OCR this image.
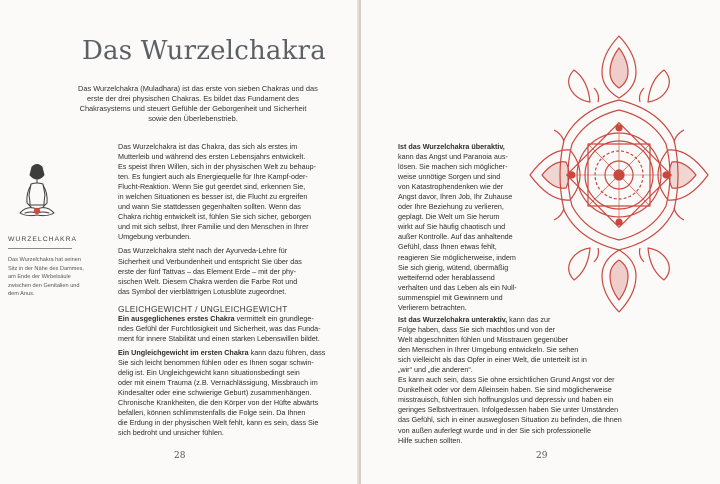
Das Wurzelchakra
Das Wurzelchakra (Muladhara) ist das erste von sieben Chakras und das
erste der drei physischen Chakras. Es bildet das Fundament des
Chakrasystems und steuert Gefühle der Geborgenheit und Sicherheit
sowie den Überlebenstrieb.
WURZELCHAKRA
Das Wurzelchakra hat seinen
Sitz in der Nähe des Dammes,
am Ende der Wirbelsäule
zwischen den Genitalien und
dem Anus.

Das Wurzelchakra ist das Chakra, das sich als erstes im
Mutterleib und während des ersten Lebensjahrs entwickelt.
Es speist Ihren Willen, sich in der physischen Welt zu behaup-
ten. Es fungiert auch als Energiequelle für Ihre Kampf-oder-
Flucht-Reaktion. Wenn Sie gut geerdet sind, erkennen Sie,
in welchen Situationen es besser ist, die Flucht zu ergreifen
und wann Sie stattdessen gegenhalten sollten. Wenn das
Chakra richtig entwickelt ist, fühlen Sie sich sicher, geborgen
und mit sich selbst, Ihrer Familie und den Menschen in Ihrer
Umgebung verbunden.

Das Wurzelchakra steht nach der Ayurveda-Lehre für
Sicherheit und Verbundenheit und entspricht Sie über das
erste der fünf Tattvas – das Element Erde – mit der phy-
sischen Welt. Diesem Chakra werden die Farbe Rot und
das Symbol der vierblättrigen Lotusblüte zugeordnet.

GLEICHGEWICHT / UNGLEICHGEWICHT

Ein ausgeglichenes erstes Chakra vermittelt ein grundlege-
ndes Gefühl der Furchtlosigkeit und Sicherheit, was das Funda-
ment für innere Stabilität und einen starken Lebenswillen bildet.

Ein Ungleichgewicht im ersten Chakra kann dazu führen, dass
Sie sich leicht benommen fühlen oder es Ihnen sogar schwin-
delig ist. Ein Ungleichgewicht kann situationsbedingt sein
oder mit einem Trauma (z.B. Vernachlässigung, Missbrauch im
Kindesalter oder eine schwierige Geburt) zusammenhängen.
Chronische Krankheiten, die den Körper von der Hüfte abwärts
befallen, können schlimmstenfalls die Folge sein. Da Ihnen
die Erdung in der physischen Welt fehlt, kann es sein, dass Sie
sich bedroht und unsicher fühlen.

28

Ist das Wurzelchakra überaktiv,
kann das Angst und Paranoia aus-
lösen. Sie machen sich möglicher-
weise unnötige Sorgen und sind
von Katastrophendenken wie der
Angst davor, Ihren Job, Ihr Zuhause
oder Ihre Beziehung zu verlieren,
geplagt. Die Welt um Sie herum
wirkt auf Sie häufig chaotisch und
außer Kontrolle. Auf das anhaltende
Gefühl, dass Ihnen etwas fehlt,
reagieren Sie möglicherweise, indem
Sie sich gierig, wütend, übermäßig
wetteifernd oder herablassend
verhalten und das Leben als ein Null-
summenspiel mit Gewinnern und
Verlierern betrachten.

Ist das Wurzelchakra unteraktiv, kann das zur
Folge haben, dass Sie sich machtlos und von der
Welt abgeschnitten fühlen und Misstrauen gegenüber
den Menschen in Ihrer Umgebung entwickeln. Sie sehen
sich vielleicht als das Opfer in einer Welt, die unterteilt ist in
„wir“ und „die anderen“.
Es kann auch sein, dass Sie ohne ersichtlichen Grund Angst vor der
Dunkelheit oder vor dem Alleinsein haben. Sie sind möglicherweise
misstrauisch, fühlen sich hoffnungslos und depressiv und haben ein
geringes Selbstvertrauen. Infolgedessen haben Sie unter Umständen
das Gefühl, sich in einer ausweglosen Situation zu befinden, die Ihnen
von außen auferlegt wurde und in der Sie sich professionelle
Hilfe suchen sollten.

29
